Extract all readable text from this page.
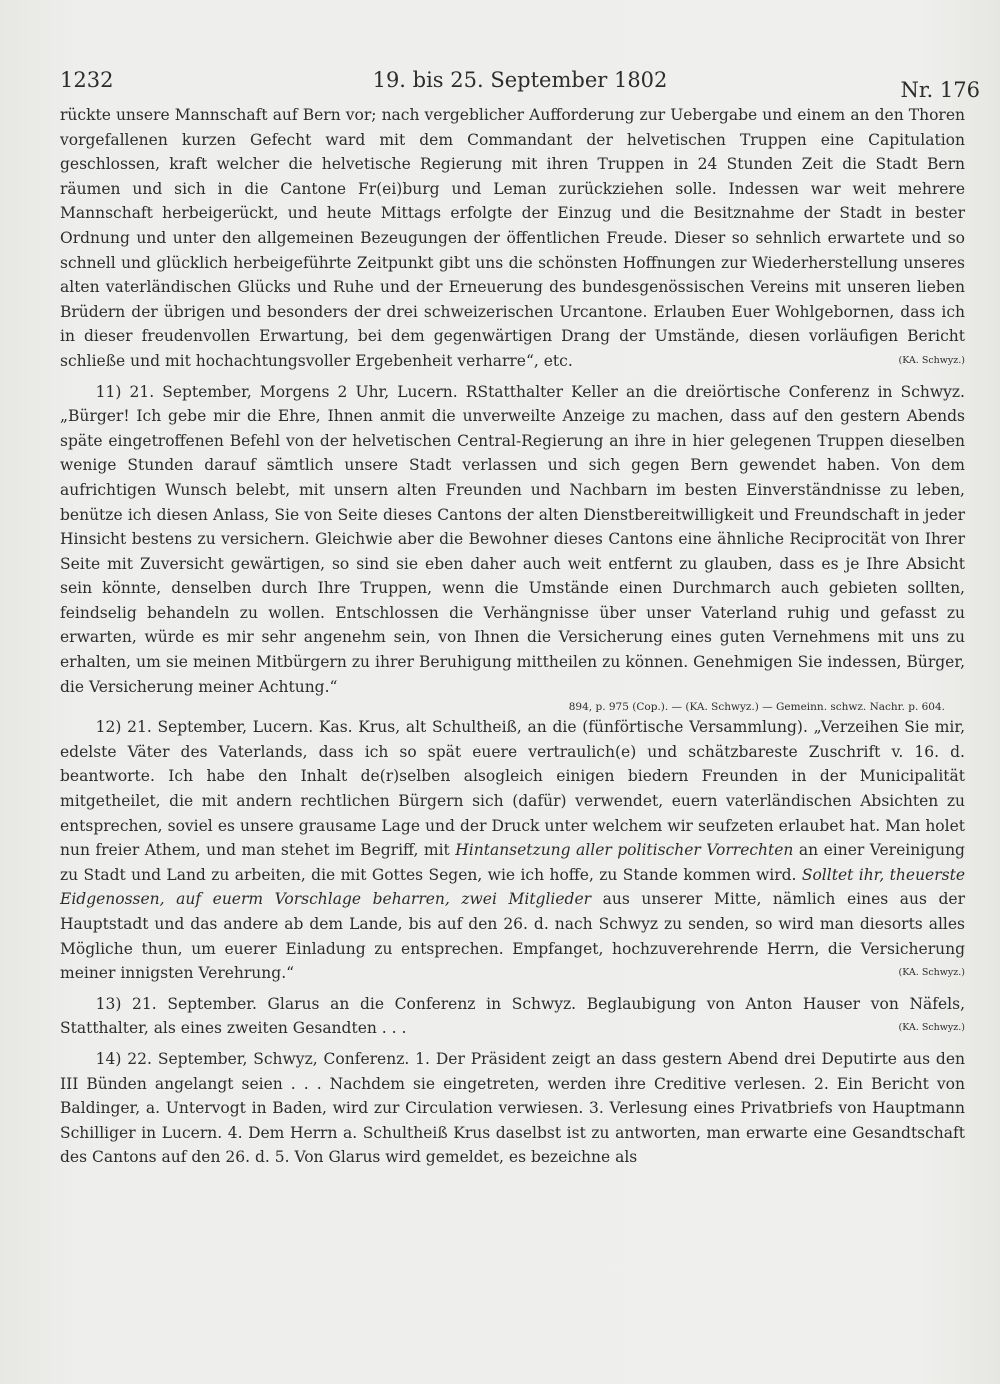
1232	19. bis 25. September 1802	Nr. 176

rückte unsere Mannschaft auf Bern vor; nach vergeblicher Aufforderung zur Uebergabe und einem an den Thoren vorgefallenen kurzen Gefecht ward mit dem Commandant der helvetischen Truppen eine Capitulation geschlossen, kraft welcher die helvetische Regierung mit ihren Truppen in 24 Stunden Zeit die Stadt Bern räumen und sich in die Cantone Fr(ei)burg und Leman zurückziehen solle. Indessen war weit mehrere Mannschaft herbeigerückt, und heute Mittags erfolgte der Einzug und die Besitznahme der Stadt in bester Ordnung und unter den allgemeinen Bezeugungen der öffentlichen Freude. Dieser so sehnlich erwartete und so schnell und glücklich herbeigeführte Zeitpunkt gibt uns die schönsten Hoffnungen zur Wiederherstellung unseres alten vaterländischen Glücks und Ruhe und der Erneuerung des bundesgenössischen Vereins mit unseren lieben Brüdern der übrigen und besonders der drei schweizerischen Urcantone. Erlauben Euer Wohlgebornen, dass ich in dieser freudenvollen Erwartung, bei dem gegenwärtigen Drang der Umstände, diesen vorläufigen Bericht schließe und mit hochachtungsvoller Ergebenheit verharre“, etc.	(KA. Schwyz.)

11) 21. September, Morgens 2 Uhr, Lucern. RStatthalter Keller an die dreiörtische Conferenz in Schwyz. „Bürger! Ich gebe mir die Ehre, Ihnen anmit die unverweilte Anzeige zu machen, dass auf den gestern Abends späte eingetroffenen Befehl von der helvetischen Central-Regierung an ihre in hier gelegenen Truppen dieselben wenige Stunden darauf sämtlich unsere Stadt verlassen und sich gegen Bern gewendet haben. Von dem aufrichtigen Wunsch belebt, mit unsern alten Freunden und Nachbarn im besten Einverständnisse zu leben, benütze ich diesen Anlass, Sie von Seite dieses Cantons der alten Dienstbereitwilligkeit und Freundschaft in jeder Hinsicht bestens zu versichern. Gleichwie aber die Bewohner dieses Cantons eine ähnliche Reciprocität von Ihrer Seite mit Zuversicht gewärtigen, so sind sie eben daher auch weit entfernt zu glauben, dass es je Ihre Absicht sein könnte, denselben durch Ihre Truppen, wenn die Umstände einen Durchmarch auch gebieten sollten, feindselig behandeln zu wollen. Entschlossen die Verhängnisse über unser Vaterland ruhig und gefasst zu erwarten, würde es mir sehr angenehm sein, von Ihnen die Versicherung eines guten Vernehmens mit uns zu erhalten, um sie meinen Mitbürgern zu ihrer Beruhigung mittheilen zu können. Genehmigen Sie indessen, Bürger, die Versicherung meiner Achtung.“

894, p. 975 (Cop.). — (KA. Schwyz.) — Gemeinn. schwz. Nachr. p. 604.

12) 21. September, Lucern. Kas. Krus, alt Schultheiß, an die (fünförtische Versammlung). „Verzeihen Sie mir, edelste Väter des Vaterlands, dass ich so spät euere vertraulich(e) und schätzbareste Zuschrift v. 16. d. beantworte. Ich habe den Inhalt de(r)selben alsogleich einigen biedern Freunden in der Municipalität mitgetheilet, die mit andern rechtlichen Bürgern sich (dafür) verwendet, euern vaterländischen Absichten zu entsprechen, soviel es unsere grausame Lage und der Druck unter welchem wir seufzeten erlaubet hat. Man holet nun freier Athem, und man stehet im Begriff, mit Hintansetzung aller politischer Vorrechten an einer Vereinigung zu Stadt und Land zu arbeiten, die mit Gottes Segen, wie ich hoffe, zu Stande kommen wird. Solltet ihr, theuerste Eidgenossen, auf euerm Vorschlage beharren, zwei Mitglieder aus unserer Mitte, nämlich eines aus der Hauptstadt und das andere ab dem Lande, bis auf den 26. d. nach Schwyz zu senden, so wird man diesorts alles Mögliche thun, um euerer Einladung zu entsprechen. Empfanget, hochzuverehrende Herrn, die Versicherung meiner innigsten Verehrung.“	(KA. Schwyz.)

13) 21. September. Glarus an die Conferenz in Schwyz. Beglaubigung von Anton Hauser von Näfels, Statthalter, als eines zweiten Gesandten . . .	(KA. Schwyz.)

14) 22. September, Schwyz, Conferenz. 1. Der Präsident zeigt an dass gestern Abend drei Deputirte aus den III Bünden angelangt seien . . . Nachdem sie eingetreten, werden ihre Creditive verlesen. 2. Ein Bericht von Baldinger, a. Untervogt in Baden, wird zur Circulation verwiesen. 3. Verlesung eines Privatbriefs von Hauptmann Schilliger in Lucern. 4. Dem Herrn a. Schultheiß Krus daselbst ist zu antworten, man erwarte eine Gesandtschaft des Cantons auf den 26. d. 5. Von Glarus wird gemeldet, es bezeichne als
